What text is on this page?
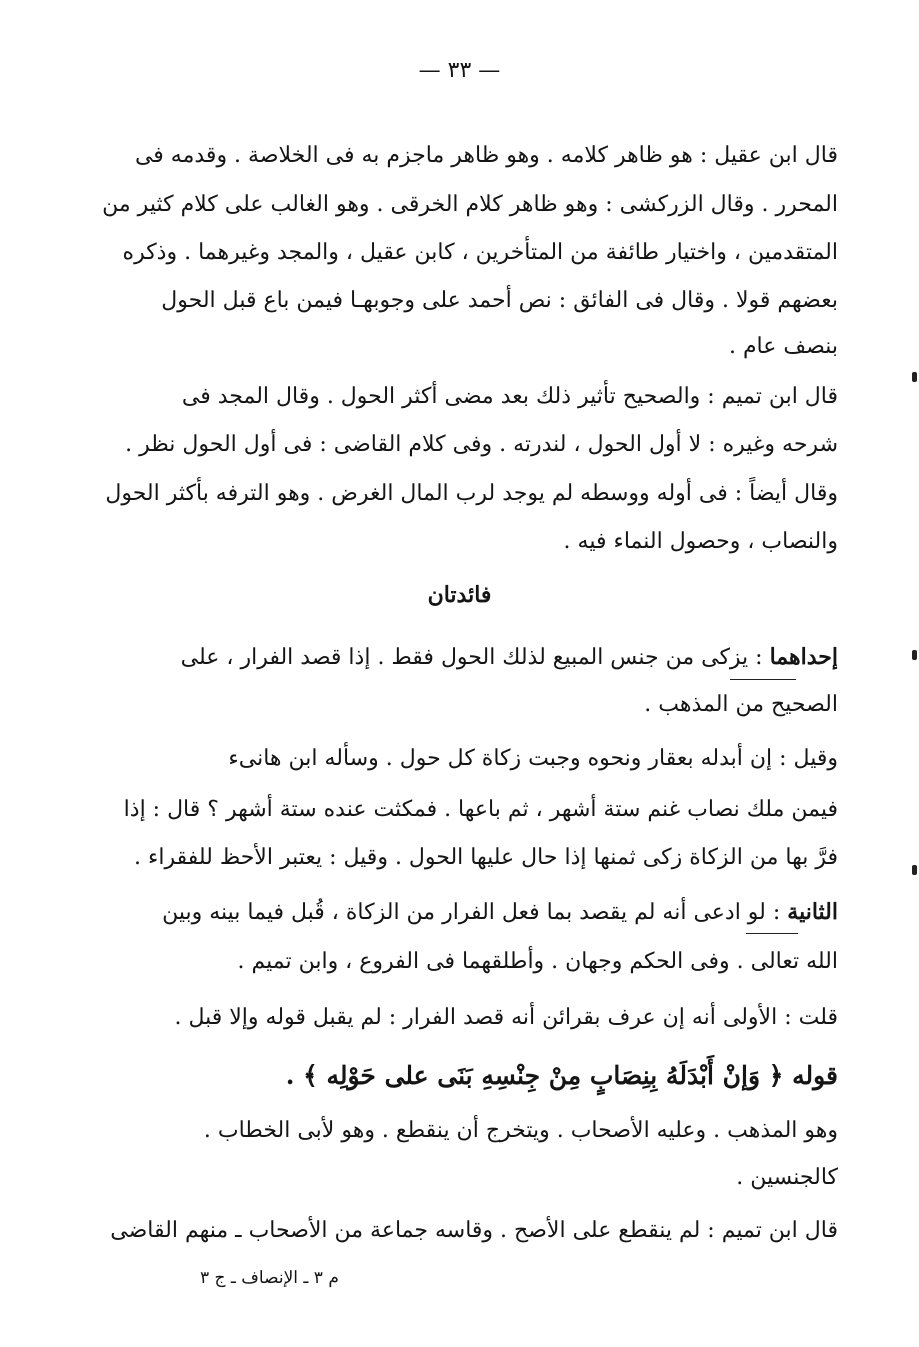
— ٣٣ —
قال ابن عقيل : هو ظاهر كلامه . وهو ظاهر ماجزم به فى الخلاصة . وقدمه فى
المحرر . وقال الزركشى : وهو ظاهر كلام الخرقى . وهو الغالب على كلام كثير من
المتقدمين ، واختيار طائفة من المتأخرين ، كابن عقيل ، والمجد وغيرهما . وذكره
بعضهم قولا . وقال فى الفائق : نص أحمد على وجوبهـا فيمن باع قبل الحول
بنصف عام .
قال ابن تميم : والصحيح تأثير ذلك بعد مضى أكثر الحول . وقال المجد فى
شرحه وغيره : لا أول الحول ، لندرته . وفى كلام القاضى : فى أول الحول نظر .
وقال أيضاً : فى أوله ووسطه لم يوجد لرب المال الغرض . وهو الترفه بأكثر الحول
والنصاب ، وحصول النماء فيه .
فائدتان
إحداهما : يزكى من جنس المبيع لذلك الحول فقط . إذا قصد الفرار ، على
الصحيح من المذهب .
وقيل : إن أبدله بعقار ونحوه وجبت زكاة كل حول . وسأله ابن هانىء
فيمن ملك نصاب غنم ستة أشهر ، ثم باعها . فمكثت عنده ستة أشهر ؟ قال : إذا
فرَّ بها من الزكاة زكى ثمنها إذا حال عليها الحول . وقيل : يعتبر الأحظ للفقراء .
الثانية : لو ادعى أنه لم يقصد بما فعل الفرار من الزكاة ، قُبل فيما بينه وبين
الله تعالى . وفى الحكم وجهان . وأطلقهما فى الفروع ، وابن تميم .
قلت : الأولى أنه إن عرف بقرائن أنه قصد الفرار : لم يقبل قوله وإلا قبل .
قوله ﴿ وَإنْ أَبْدَلَهُ بِنِصَابٍ مِنْ جِنْسِهِ بَنَى على حَوْلِه ﴾ .
وهو المذهب . وعليه الأصحاب . ويتخرج أن ينقطع . وهو لأبى الخطاب .
كالجنسين .
قال ابن تميم : لم ينقطع على الأصح . وقاسه جماعة من الأصحاب ـ منهم القاضى
م ٣ ـ الإنصاف ـ ج ٣
